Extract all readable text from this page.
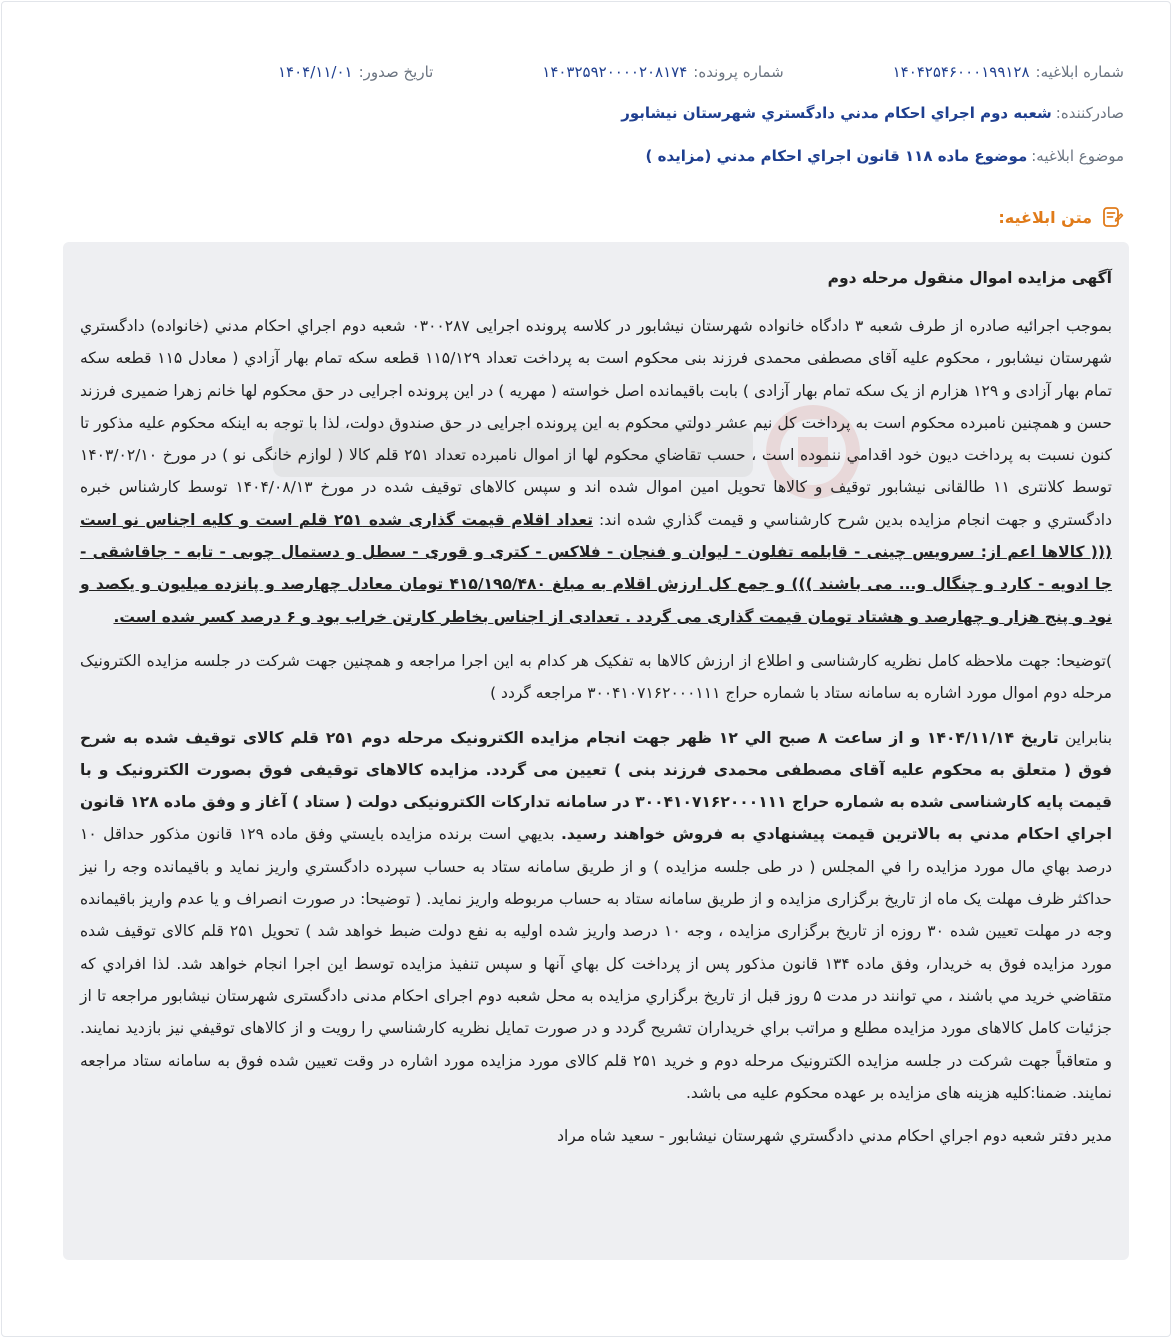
شماره ابلاغيه:
۱۴۰۴۲۵۴۶۰۰۰۱۹۹۱۲۸
شماره پرونده:
۱۴۰۳۲۵۹۲۰۰۰۰۲۰۸۱۷۴
تاريخ صدور:
۱۴۰۴/۱۱/۰۱
صادرکننده:
شعبه دوم اجراي احکام مدني دادگستري شهرستان نيشابور
موضوع ابلاغيه:
موضوع ماده ۱۱۸ قانون اجراي احکام مدني (مزايده )
متن ابلاغيه:
آگهی مزایده اموال منقول مرحله دوم

بموجب اجرائیه صادره از طرف شعبه ۳ دادگاه خانواده شهرستان نیشابور در کلاسه پرونده اجرایی ۰۳۰۰۲۸۷ شعبه دوم اجراي احکام مدني (خانواده) دادگستري شهرستان نيشابور ، محکوم علیه آقای مصطفی محمدی فرزند بنی محکوم است به پرداخت تعداد ۱۱۵/۱۲۹ قطعه سکه تمام بهار آزادي ( معادل ۱۱۵ قطعه سکه تمام بهار آزادی و ۱۲۹ هزارم از یک سکه تمام بهار آزادی ) بابت باقیمانده اصل خواسته ( مهریه ) در این پرونده اجرایی در حق محکوم لها خانم زهرا ضمیری فرزند حسن و همچنین نامبرده محکوم است به پرداخت کل نیم عشر دولتي محکوم به این پرونده اجرایی در حق صندوق دولت، لذا با توجه به اینکه محکوم علیه مذکور تا کنون نسبت به پرداخت دیون خود اقدامي ننموده است ، حسب تقاضاي محکوم لها از اموال نامبرده تعداد ۲۵۱ قلم کالا ( لوازم خانگی نو ) در مورخ ۱۴۰۳/۰۲/۱۰ توسط کلانتری ۱۱ طالقانی نیشابور توقیف و کالاها تحویل امین اموال شده اند و سپس کالاهای توقیف شده در مورخ ۱۴۰۴/۰۸/۱۳ توسط کارشناس خبره دادگستري و جهت انجام مزایده بدین شرح کارشناسي و قیمت گذاري شده اند: تعداد اقلام قیمت گذاری شده ۲۵۱ قلم است و کلیه اجناس نو است ((( کالاها اعم از: سرویس چینی - قابلمه تفلون - لیوان و فنجان - فلاکس - کتری و قوری - سطل و دستمال چوبی - تابه - جاقاشقی - جا ادویه - کارد و چنگال و... می باشند ))) و جمع کل ارزش اقلام به مبلغ ۴۱۵/۱۹۵/۴۸۰ تومان معادل چهارصد و پانزده میلیون و یکصد و نود و پنج هزار و چهارصد و هشتاد تومان قیمت گذاری می گردد . تعدادی از اجناس بخاطر کارتن خراب بود و ۶ درصد کسر شده است.

)توضیحا: جهت ملاحظه کامل نظریه کارشناسی و اطلاع از ارزش کالاها به تفکیک هر کدام به این اجرا مراجعه و همچنین جهت شرکت در جلسه مزایده الکترونیک مرحله دوم اموال مورد اشاره به سامانه ستاد با شماره حراج ۳۰۰۴۱۰۷۱۶۲۰۰۰۱۱۱ مراجعه گردد )

بنابراین تاریخ ۱۴۰۴/۱۱/۱۴ و از ساعت ۸ صبح الي ۱۲ ظهر جهت انجام مزایده الکترونیک مرحله دوم ۲۵۱ قلم کالای توقیف شده به شرح فوق ( متعلق به محکوم علیه آقای مصطفی محمدی فرزند بنی ) تعیین می گردد. مزایده کالاهای توقیفی فوق بصورت الکترونیک و با قیمت پایه کارشناسی شده به شماره حراج ۳۰۰۴۱۰۷۱۶۲۰۰۰۱۱۱ در سامانه تدارکات الکترونیکی دولت ( ستاد ) آغاز و وفق ماده ۱۲۸ قانون اجراي احکام مدني به بالاترین قیمت پیشنهادي به فروش خواهند رسید. بديهي است برنده مزايده بايستي وفق ماده ۱۲۹ قانون مذکور حداقل ۱۰ درصد بهاي مال مورد مزايده را في المجلس ( در طی جلسه مزایده ) و از طریق سامانه ستاد به حساب سپرده دادگستري واريز نمايد و باقيمانده وجه را نيز حداکثر ظرف مهلت يک ماه از تاريخ برگزاری مزايده و از طریق سامانه ستاد به حساب مربوطه واریز نماید. ( توضیحا: در صورت انصراف و یا عدم واریز باقیمانده وجه در مهلت تعیین شده ۳۰ روزه از تاریخ برگزاری مزایده ، وجه ۱۰ درصد واریز شده اولیه به نفع دولت ضبط خواهد شد ) تحویل ۲۵۱ قلم کالای توقیف شده مورد مزایده فوق به خریدار، وفق ماده ۱۳۴ قانون مذکور پس از پرداخت کل بهاي آنها و سپس تنفیذ مزایده توسط این اجرا انجام خواهد شد. لذا افرادي که متقاضي خريد مي باشند ، مي توانند در مدت ۵ روز قبل از تاريخ برگزاري مزايده به محل شعبه دوم اجرای احکام مدنی دادگستری شهرستان نیشابور مراجعه تا از جزئيات کامل کالاهای مورد مزايده مطلع و مراتب براي خريداران تشريح گردد و در صورت تمایل نظریه کارشناسي را رويت و از کالاهای توقيفي نيز بازديد نمايند. و متعاقباً جهت شرکت در جلسه مزایده الکترونیک مرحله دوم و خرید ۲۵۱ قلم کالای مورد مزایده مورد اشاره در وقت تعیین شده فوق به سامانه ستاد مراجعه نمایند. ضمنا:کلیه هزینه های مزایده بر عهده محکوم علیه می باشد.

مدير دفتر شعبه دوم اجراي احکام مدني دادگستري شهرستان نيشابور - سعيد شاه مراد
